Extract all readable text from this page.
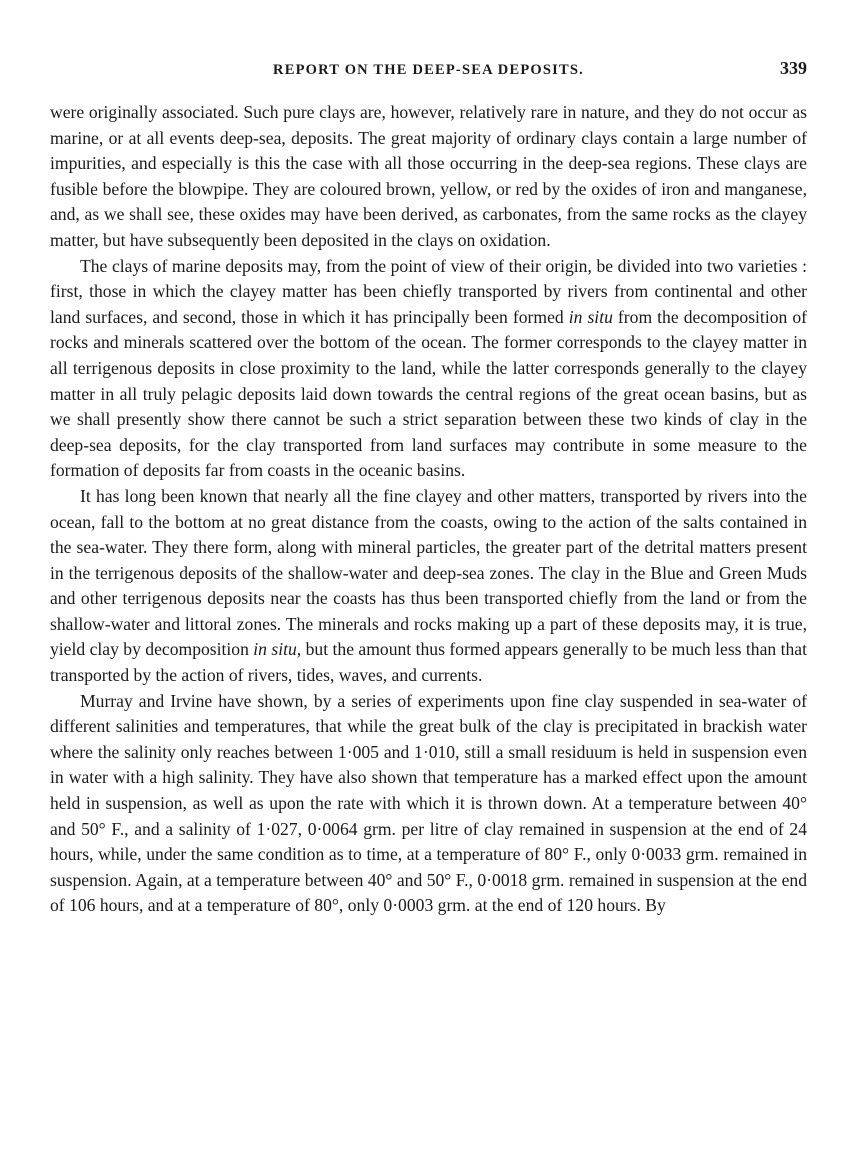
REPORT ON THE DEEP-SEA DEPOSITS.	339

were originally associated. Such pure clays are, however, relatively rare in nature, and they do not occur as marine, or at all events deep-sea, deposits. The great majority of ordinary clays contain a large number of impurities, and especially is this the case with all those occurring in the deep-sea regions. These clays are fusible before the blowpipe. They are coloured brown, yellow, or red by the oxides of iron and manganese, and, as we shall see, these oxides may have been derived, as carbonates, from the same rocks as the clayey matter, but have subsequently been deposited in the clays on oxidation.

The clays of marine deposits may, from the point of view of their origin, be divided into two varieties : first, those in which the clayey matter has been chiefly transported by rivers from continental and other land surfaces, and second, those in which it has principally been formed in situ from the decomposition of rocks and minerals scattered over the bottom of the ocean. The former corresponds to the clayey matter in all terrigenous deposits in close proximity to the land, while the latter corresponds generally to the clayey matter in all truly pelagic deposits laid down towards the central regions of the great ocean basins, but as we shall presently show there cannot be such a strict separation between these two kinds of clay in the deep-sea deposits, for the clay transported from land surfaces may contribute in some measure to the formation of deposits far from coasts in the oceanic basins.

It has long been known that nearly all the fine clayey and other matters, transported by rivers into the ocean, fall to the bottom at no great distance from the coasts, owing to the action of the salts contained in the sea-water. They there form, along with mineral particles, the greater part of the detrital matters present in the terrigenous deposits of the shallow-water and deep-sea zones. The clay in the Blue and Green Muds and other terrigenous deposits near the coasts has thus been transported chiefly from the land or from the shallow-water and littoral zones. The minerals and rocks making up a part of these deposits may, it is true, yield clay by decomposition in situ, but the amount thus formed appears generally to be much less than that transported by the action of rivers, tides, waves, and currents.

Murray and Irvine have shown, by a series of experiments upon fine clay suspended in sea-water of different salinities and temperatures, that while the great bulk of the clay is precipitated in brackish water where the salinity only reaches between 1·005 and 1·010, still a small residuum is held in suspension even in water with a high salinity. They have also shown that temperature has a marked effect upon the amount held in suspension, as well as upon the rate with which it is thrown down. At a temperature between 40° and 50° F., and a salinity of 1·027, 0·0064 grm. per litre of clay remained in suspension at the end of 24 hours, while, under the same condition as to time, at a temperature of 80° F., only 0·0033 grm. remained in suspension. Again, at a temperature between 40° and 50° F., 0·0018 grm. remained in suspension at the end of 106 hours, and at a temperature of 80°, only 0·0003 grm. at the end of 120 hours. By
